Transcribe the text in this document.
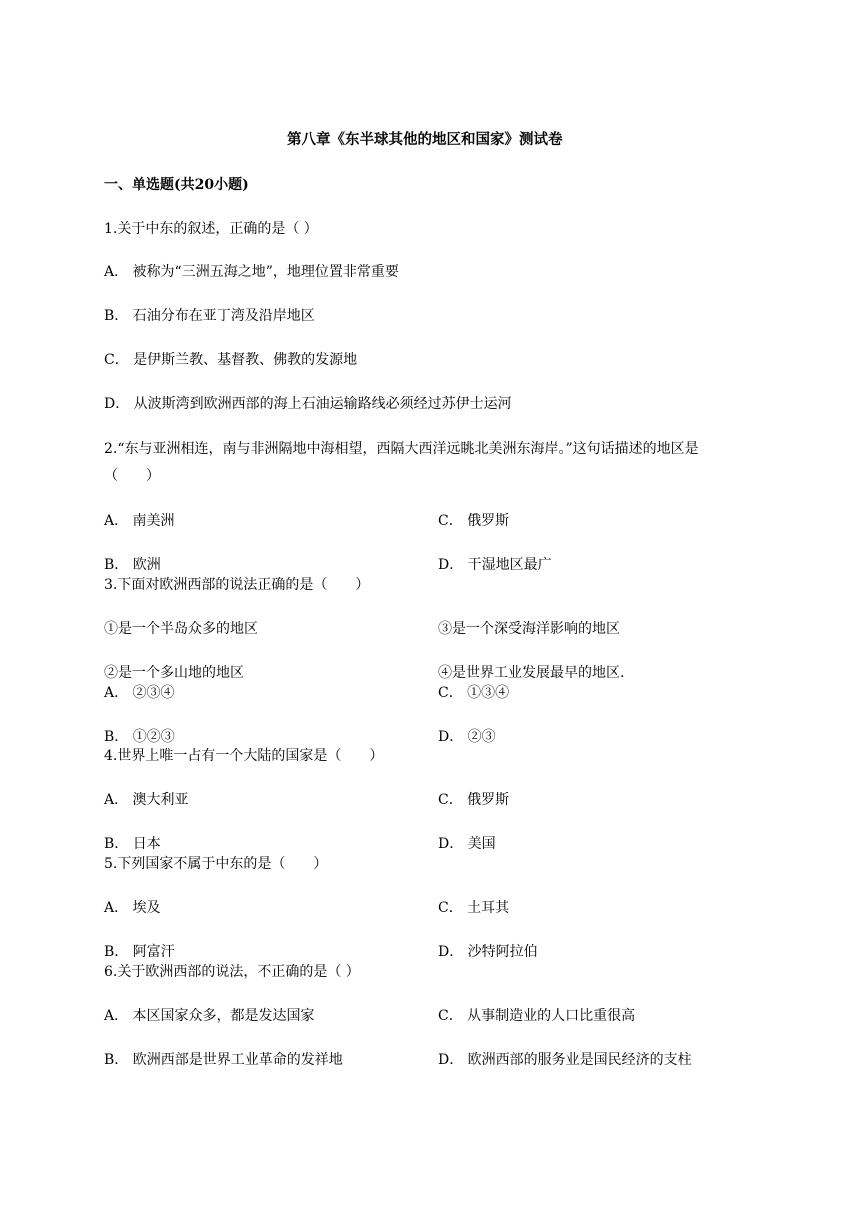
第八章《东半球其他的地区和国家》测试卷
一、单选题(共20小题)
1.关于中东的叙述，正确的是（ ）
A． 被称为“三洲五海之地”，地理位置非常重要
B． 石油分布在亚丁湾及沿岸地区
C． 是伊斯兰教、基督教、佛教的发源地
D． 从波斯湾到欧洲西部的海上石油运输路线必须经过苏伊士运河
2.“东与亚洲相连，南与非洲隔地中海相望，西隔大西洋远眺北美洲东海岸。”这句话描述的地区是
（　　）
A． 南美洲	C． 俄罗斯
B． 欧洲	D． 干湿地区最广
3.下面对欧洲西部的说法正确的是（　　）
①是一个半岛众多的地区	③是一个深受海洋影响的地区
②是一个多山地的地区	④是世界工业发展最早的地区.
A． ②③④	C． ①③④
B． ①②③	D． ②③
4.世界上唯一占有一个大陆的国家是（　　）
A． 澳大利亚	C． 俄罗斯
B． 日本	D． 美国
5.下列国家不属于中东的是（　　）
A． 埃及	C． 土耳其
B． 阿富汗	D． 沙特阿拉伯
6.关于欧洲西部的说法，不正确的是（ ）
A． 本区国家众多，都是发达国家	C． 从事制造业的人口比重很高
B． 欧洲西部是世界工业革命的发祥地	D． 欧洲西部的服务业是国民经济的支柱
